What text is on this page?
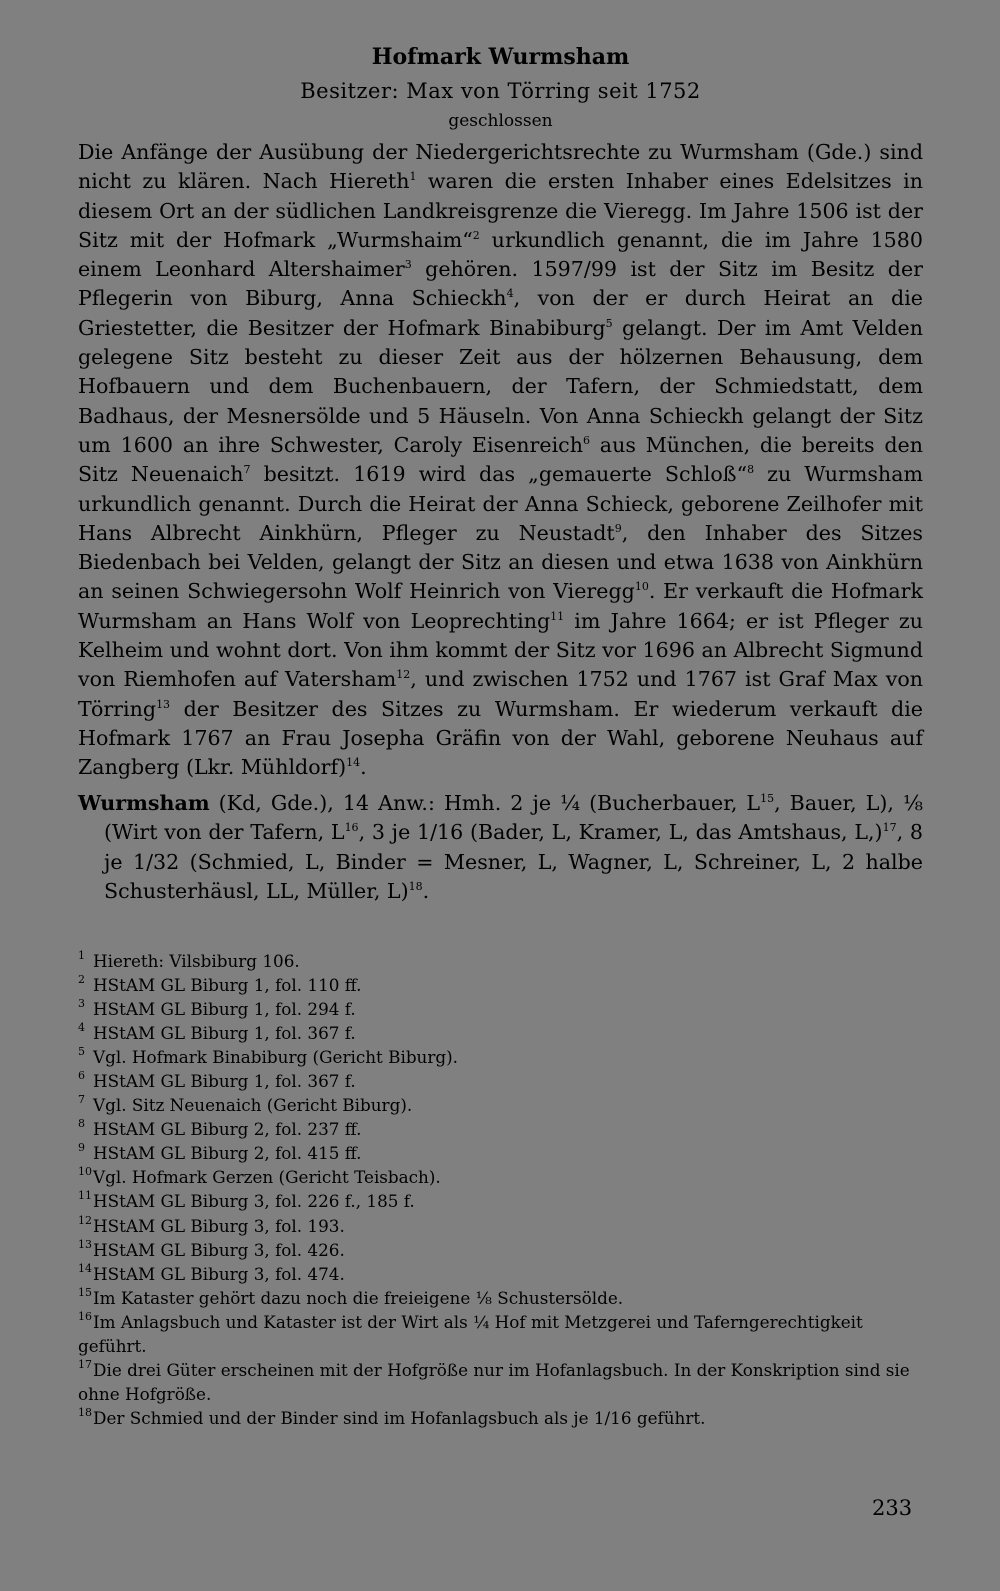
Hofmark Wurmsham

Besitzer: Max von Törring seit 1752

geschlossen

Die Anfänge der Ausübung der Niedergerichtsrechte zu Wurmsham (Gde.) sind nicht zu klären. Nach Hiereth$^1$ waren die ersten Inhaber eines Edelsitzes in diesem Ort an der südlichen Landkreisgrenze die Vieregg. Im Jahre 1506 ist der Sitz mit der Hofmark „Wurmshaim“$^2$ urkundlich genannt, die im Jahre 1580 einem Leonhard Altershaimer$^3$ gehören. 1597/99 ist der Sitz im Besitz der Pflegerin von Biburg, Anna Schieckh$^4$, von der er durch Heirat an die Griestetter, die Besitzer der Hofmark Binabiburg$^5$ gelangt. Der im Amt Velden gelegene Sitz besteht zu dieser Zeit aus der hölzernen Behausung, dem Hofbauern und dem Buchenbauern, der Tafern, der Schmiedstatt, dem Badhaus, der Mesnersölde und 5 Häuseln. Von Anna Schieckh gelangt der Sitz um 1600 an ihre Schwester, Caroly Eisenreich$^6$ aus München, die bereits den Sitz Neuenaich$^7$ besitzt. 1619 wird das „gemauerte Schloß“$^8$ zu Wurmsham urkundlich genannt. Durch die Heirat der Anna Schieck, geborene Zeilhofer mit Hans Albrecht Ainkhürn, Pfleger zu Neustadt$^9$, den Inhaber des Sitzes Biedenbach bei Velden, gelangt der Sitz an diesen und etwa 1638 von Ainkhürn an seinen Schwiegersohn Wolf Heinrich von Vieregg$^{10}$. Er verkauft die Hofmark Wurmsham an Hans Wolf von Leoprechting$^{11}$ im Jahre 1664; er ist Pfleger zu Kelheim und wohnt dort. Von ihm kommt der Sitz vor 1696 an Albrecht Sigmund von Riemhofen auf Vatersham$^{12}$, und zwischen 1752 und 1767 ist Graf Max von Törring$^{13}$ der Besitzer des Sitzes zu Wurmsham. Er wiederum verkauft die Hofmark 1767 an Frau Josepha Gräfin von der Wahl, geborene Neuhaus auf Zangberg (Lkr. Mühldorf)$^{14}$.

Wurmsham (Kd, Gde.), 14 Anw.: Hmh. 2 je ¼ (Bucherbauer, $L^{15}$, Bauer, L), ⅛ (Wirt von der Tafern, $L^{16}$, 3 je 1/16 (Bader, L, Kramer, L, das Amtshaus, L,)$^{17}$, 8 je 1/32 (Schmied, L, Binder = Mesner, L, Wagner, L, Schreiner, L, 2 halbe Schusterhäusl, LL, Müller, L)$^{18}$.

1 Hiereth: Vilsbiburg 106.

2 HStAM GL Biburg 1, fol. 110 ff.

3 HStAM GL Biburg 1, fol. 294 f.

4 HStAM GL Biburg 1, fol. 367 f.

5 Vgl. Hofmark Binabiburg (Gericht Biburg).

6 HStAM GL Biburg 1, fol. 367 f.

7 Vgl. Sitz Neuenaich (Gericht Biburg).

8 HStAM GL Biburg 2, fol. 237 ff.

9 HStAM GL Biburg 2, fol. 415 ff.

10Vgl. Hofmark Gerzen (Gericht Teisbach).

11HStAM GL Biburg 3, fol. 226 f., 185 f.

12HStAM GL Biburg 3, fol. 193.

13HStAM GL Biburg 3, fol. 426.

14HStAM GL Biburg 3, fol. 474.

15Im Kataster gehört dazu noch die freieigene ⅛ Schustersölde.

16Im Anlagsbuch und Kataster ist der Wirt als ¼ Hof mit Metzgerei und Taferngerechtigkeit geführt.

17Die drei Güter erscheinen mit der Hofgröße nur im Hofanlagsbuch. In der Konskription sind sie ohne Hofgröße.

18Der Schmied und der Binder sind im Hofanlagsbuch als je 1/16 geführt.

233
